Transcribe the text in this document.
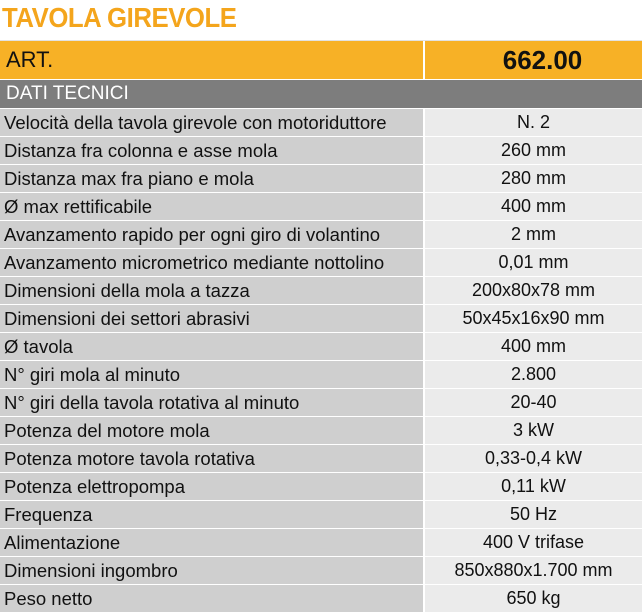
TAVOLA GIREVOLE
ART.	662.00
DATI TECNICI
Velocità della tavola girevole con motoriduttore	N. 2
Distanza fra colonna e asse mola	260 mm
Distanza max fra piano e mola	280 mm
Ø max rettificabile	400 mm
Avanzamento rapido per ogni giro di volantino	2 mm
Avanzamento micrometrico mediante nottolino	0,01 mm
Dimensioni della mola a tazza	200x80x78 mm
Dimensioni dei settori abrasivi	50x45x16x90 mm
Ø tavola	400 mm
N° giri mola al minuto	2.800
N° giri della tavola rotativa al minuto	20-40
Potenza del motore mola	3 kW
Potenza motore tavola rotativa	0,33-0,4 kW
Potenza elettropompa	0,11 kW
Frequenza	50 Hz
Alimentazione	400 V trifase
Dimensioni ingombro	850x880x1.700 mm
Peso netto	650 kg
